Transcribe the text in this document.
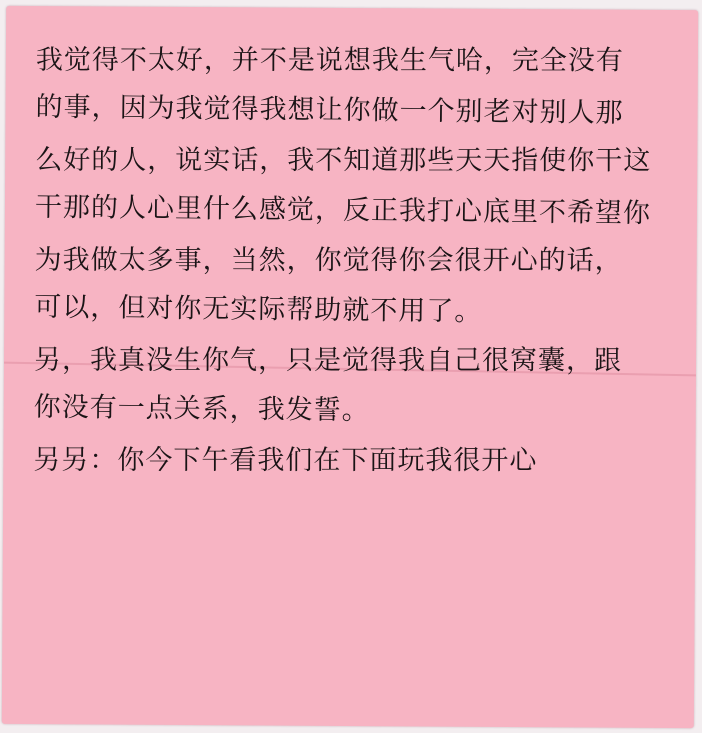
我觉得不太好，并不是说想我生气哈，完全没有
的事，因为我觉得我想让你做一个别老对别人那
么好的人，说实话，我不知道那些天天指使你干这
干那的人心里什么感觉，反正我打心底里不希望你
为我做太多事，当然，你觉得你会很开心的话，
可以，但对你无实际帮助就不用了。
另，我真没生你气，只是觉得我自己很窝囊，跟
你没有一点关系，我发誓。
另另：你今下午看我们在下面玩我很开心
